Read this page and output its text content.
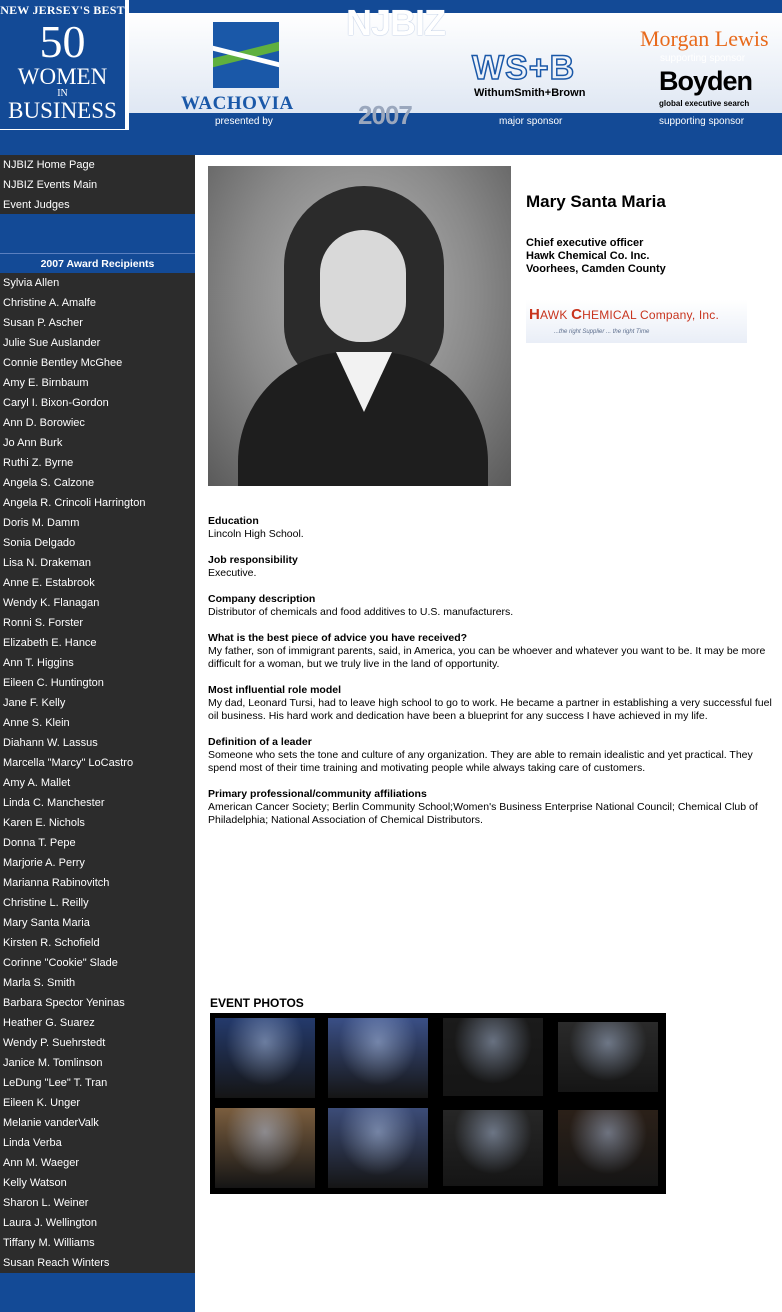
NEW JERSEY'S BEST
50
WOMEN
IN
BUSINESS
NJBIZ
2007
WACHOVIA
WS+B
WithumSmith+Brown
Morgan Lewis
supporting sponsor
Boyden
global executive search
presented by	major sponsor	supporting sponsor
NJBIZ Home Page
NJBIZ Events Main
Event Judges
2007 Award Recipients
Sylvia Allen
Christine A. Amalfe
Susan P. Ascher
Julie Sue Auslander
Connie Bentley McGhee
Amy E. Birnbaum
Caryl I. Bixon-Gordon
Ann D. Borowiec
Jo Ann Burk
Ruthi Z. Byrne
Angela S. Calzone
Angela R. Crincoli Harrington
Doris M. Damm
Sonia Delgado
Lisa N. Drakeman
Anne E. Estabrook
Wendy K. Flanagan
Ronni S. Forster
Elizabeth E. Hance
Ann T. Higgins
Eileen C. Huntington
Jane F. Kelly
Anne S. Klein
Diahann W. Lassus
Marcella "Marcy" LoCastro
Amy A. Mallet
Linda C. Manchester
Karen E. Nichols
Donna T. Pepe
Marjorie A. Perry
Marianna Rabinovitch
Christine L. Reilly
Mary Santa Maria
Kirsten R. Schofield
Corinne "Cookie" Slade
Marla S. Smith
Barbara Spector Yeninas
Heather G. Suarez
Wendy P. Suehrstedt
Janice M. Tomlinson
LeDung "Lee" T. Tran
Eileen K. Unger
Melanie vanderValk
Linda Verba
Ann M. Waeger
Kelly Watson
Sharon L. Weiner
Laura J. Wellington
Tiffany M. Williams
Susan Reach Winters
Mary Santa Maria
Chief executive officer
Hawk Chemical Co. Inc.
Voorhees, Camden County
HAWK CHEMICAL Company, Inc.
...the right Supplier ... the right Time
Education
Lincoln High School.
Job responsibility
Executive.
Company description
Distributor of chemicals and food additives to U.S. manufacturers.
What is the best piece of advice you have received?
My father, son of immigrant parents, said, in America, you can be whoever and whatever you want to be. It may be more difficult for a woman, but we truly live in the land of opportunity.
Most influential role model
My dad, Leonard Tursi, had to leave high school to go to work. He became a partner in establishing a very successful fuel oil business. His hard work and dedication have been a blueprint for any success I have achieved in my life.
Definition of a leader
Someone who sets the tone and culture of any organization. They are able to remain idealistic and yet practical. They spend most of their time training and motivating people while always taking care of customers.
Primary professional/community affiliations
American Cancer Society; Berlin Community School;Women's Business Enterprise National Council; Chemical Club of
Philadelphia; National Association of Chemical Distributors.
EVENT PHOTOS
